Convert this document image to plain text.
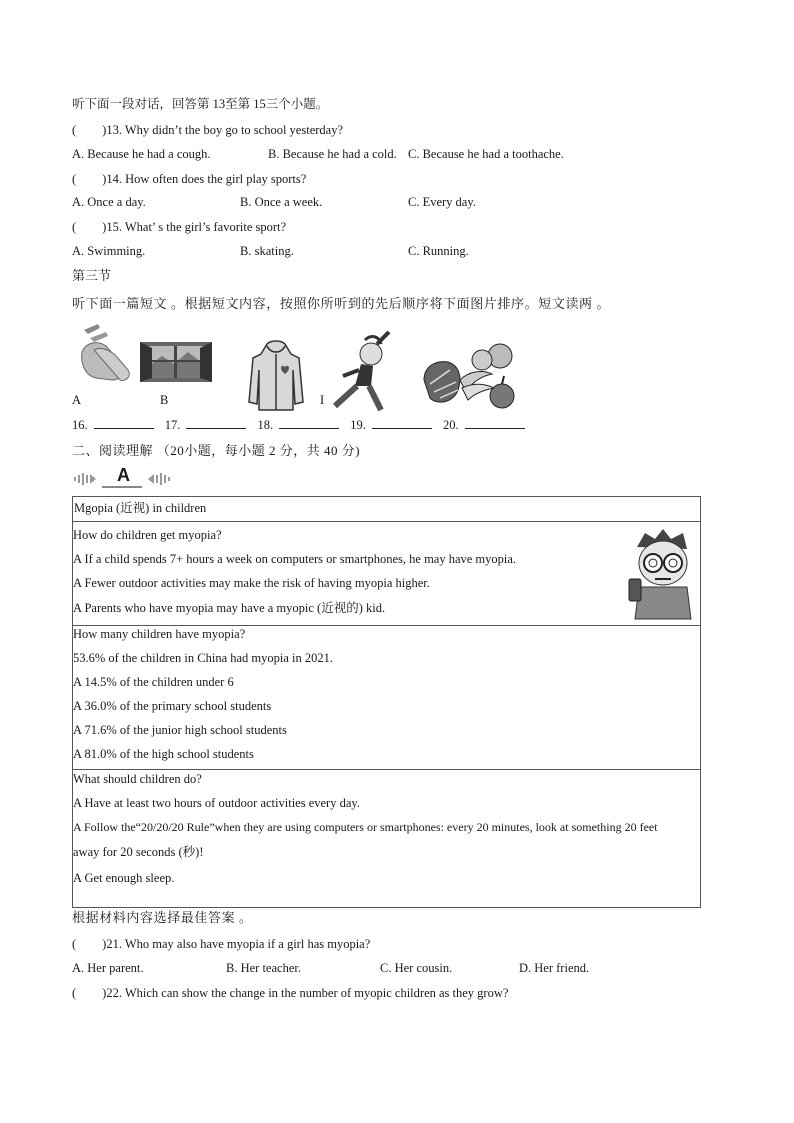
听下面一段对话，回答第 13至第 15三个小题。
( )13. Why didn’t the boy go to school yesterday?
A. Because he had a cough.	B. Because he had a cold. C. Because he had a toothache.
( )14. How often does the girl play sports?
A. Once a day.	B. Once a week.	C. Every day.
( )15. What’ s the girl’s favorite sport?
A. Swimming.	B. skating.	C. Running.
第三节
听下面一篇短文 。根据短文内容，按照你所听到的先后顺序将下面图片排序。短文读两 。
A	B	I
16.	17.	18.	19.	20.
二、阅读理解 （20小题，每小题 2 分，共 40 分)
A
Mgopia (近视) in children
How do children get myopia?
A If a child spends 7+ hours a week on computers or smartphones, he may have myopia.
A Fewer outdoor activities may make the risk of having myopia higher.
A Parents who have myopia may have a myopic (近视的) kid.
How many children have myopia?
53.6% of the children in China had myopia in 2021.
A 14.5% of the children under 6
A 36.0% of the primary school students
A 71.6% of the junior high school students
A 81.0% of the high school students
What should children do?
A Have at least two hours of outdoor activities every day.
A Follow the“20/20/20 Rule”when they are using computers or smartphones: every 20 minutes, look at something 20 feet
away for 20 seconds (秒)!
A Get enough sleep.
根据材料内容选择最佳答案 。
( )21. Who may also have myopia if a girl has myopia?
A. Her parent.	B. Her teacher.	C. Her cousin.	D. Her friend.
( )22. Which can show the change in the number of myopic children as they grow?
